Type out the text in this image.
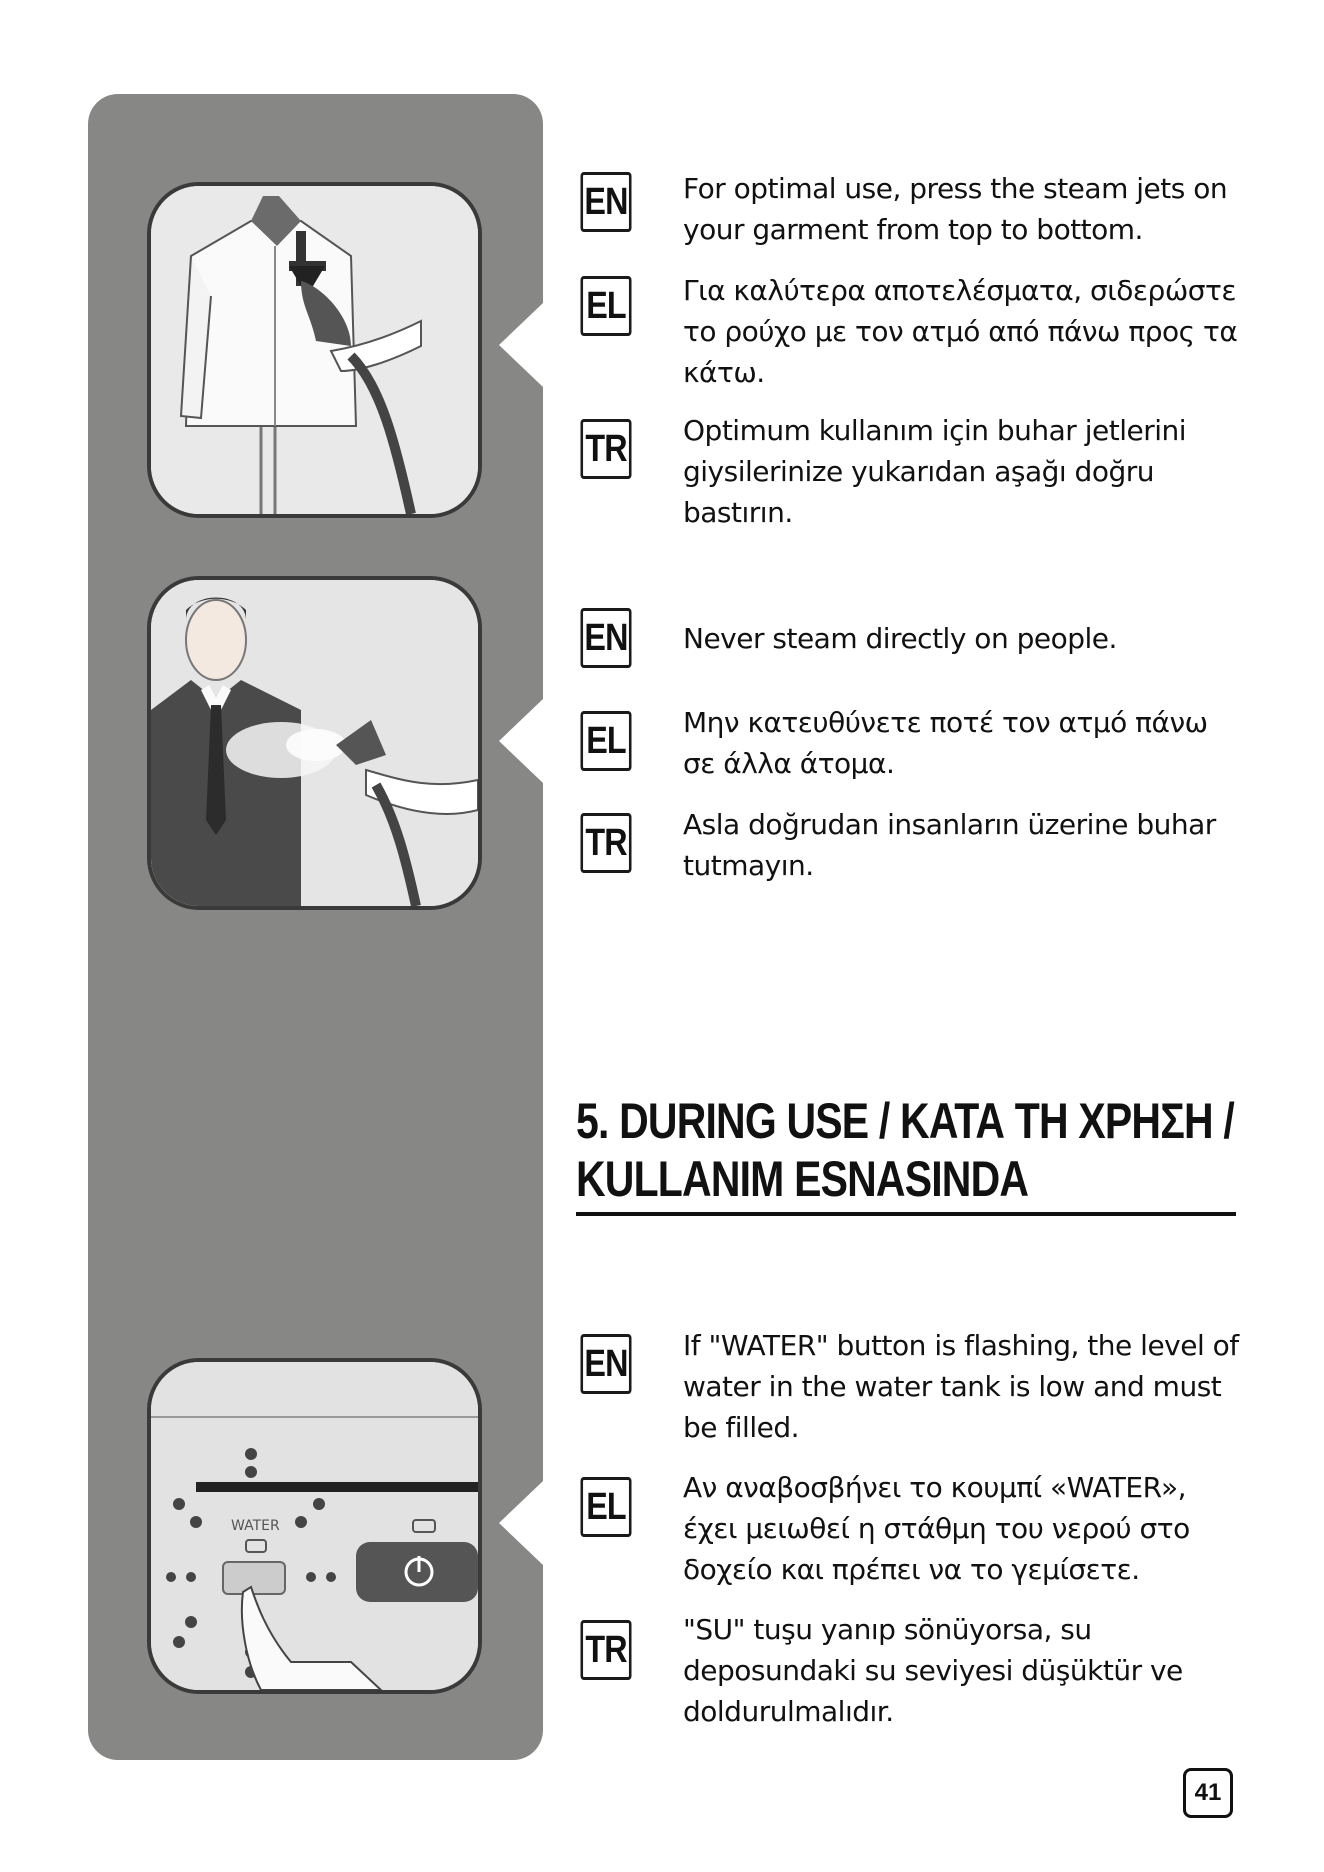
WATER
EN For optimal use, press the steam jets on your garment from top to bottom.
EL Για καλύτερα αποτελέσματα, σιδερώστε το ρούχο με τον ατμό από πάνω προς τα κάτω.
TR Optimum kullanım için buhar jetlerini giysilerinize yukarıdan aşağı doğru bastırın.
EN Never steam directly on people.
EL Μην κατευθύνετε ποτέ τον ατμό πάνω σε άλλα άτομα.
TR Asla doğrudan insanların üzerine buhar tutmayın.
5. DURING USE / ΚΑΤΑ ΤΗ ΧΡΗΣΗ /
KULLANIM ESNASINDA
EN If "WATER" button is flashing, the level of water in the water tank is low and must be filled.
EL Αν αναβοσβήνει το κουμπί «WATER», έχει μειωθεί η στάθμη του νερού στο δοχείο και πρέπει να το γεμίσετε.
TR "SU" tuşu yanıp sönüyorsa, su deposundaki su seviyesi düşüktür ve doldurulmalıdır.
41
